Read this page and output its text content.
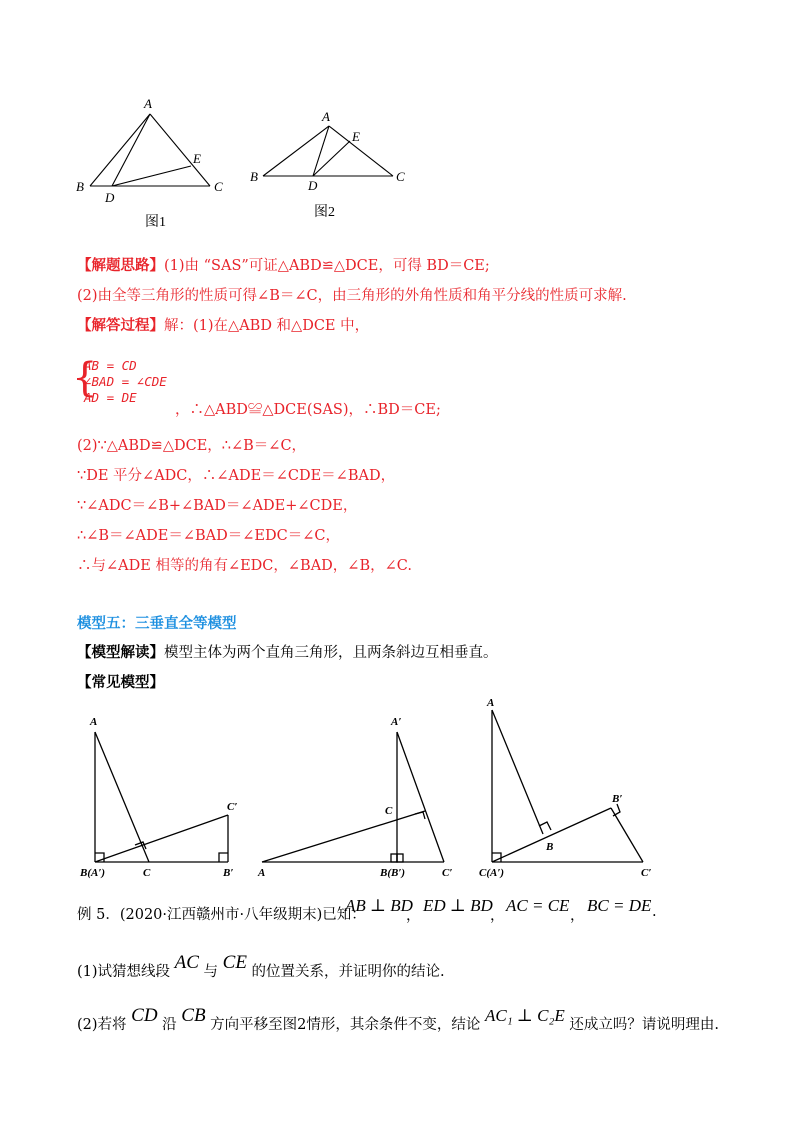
A
B	C
D
E
图1
A
B	C
D
E
图2
【解题思路】(1)由 “SAS”可证△ABD≌△DCE，可得 BD＝CE;
(2)由全等三角形的性质可得∠B＝∠C，由三角形的外角性质和角平分线的性质可求解.
【解答过程】解：(1)在△ABD 和△DCE 中，
{
AB = CD
∠BAD = ∠CDE
AD = DE
，∴△ABD≌△DCE(SAS)，∴BD＝CE;
(2)∵△ABD≌△DCE，∴∠B＝∠C，
∵DE 平分∠ADC，∴∠ADE＝∠CDE＝∠BAD，
∵∠ADC＝∠B+∠BAD＝∠ADE+∠CDE，
∴∠B＝∠ADE＝∠BAD＝∠EDC＝∠C，
∴与∠ADE 相等的角有∠EDC，∠BAD，∠B，∠C.
模型五：三垂直全等模型
【模型解读】模型主体为两个直角三角形，且两条斜边互相垂直。
【常见模型】
A
B(A′)	C
C′
B′
A′
C
A	B(B′)	C′
A
B′
B
C(A′)	C′
例 5．(2020·江西赣州市·八年级期末)已知：
AB ⊥ BD
，
ED ⊥ BD
，
AC = CE
，
BC = DE .
(1)试猜想线段 AC 与 CE 的位置关系，并证明你的结论.
(2)若将 CD 沿 CB 方向平移至图2情形，其余条件不变，结论 AC₁ ⊥ C₂E 还成立吗？请说明理由.
